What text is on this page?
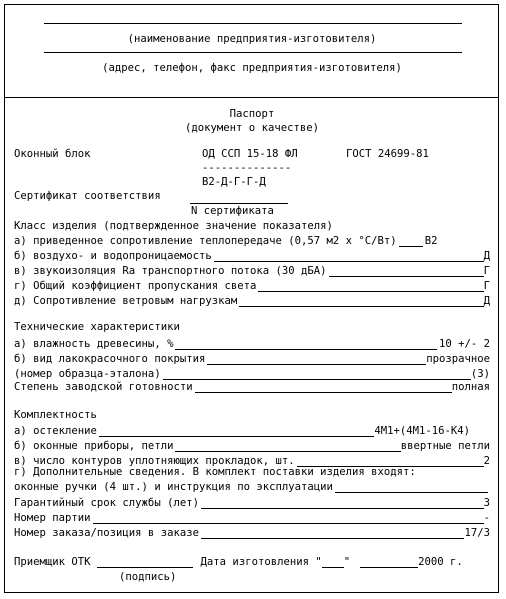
(наименование предприятия-изготовителя)
(адрес, телефон, факс предприятия-изготовителя)
Паспорт
(документ о качестве)
Оконный блок	ОД ССП 15-18 ФЛ	ГОСТ 24699-81
--------------
В2-Д-Г-Г-Д
Сертификат соответствия
N сертификата
Класс изделия (подтвержденное значение показателя)
а) приведенное сопротивление теплопередаче (0,57 м2 х °С/Вт)	В2
б) воздухо- и водопроницаемость	Д
в) звукоизоляция Ra транспортного потока (30 дБА)	Г
г) Общий коэффициент пропускания света	Г
д) Сопротивление ветровым нагрузкам	Д
Технические характеристики
а) влажность древесины, %	10 +/- 2
б) вид лакокрасочного покрытия	прозрачное
(номер образца-эталона)	(3)
Степень заводской готовности	полная
Комплектность
а) остекление	4М1+(4М1-16-К4)
б) оконные приборы, петли	ввертные петли
в) число контуров уплотняющих прокладок, шт.	2
г) Дополнительные сведения. В комплект поставки изделия входят:
оконные ручки (4 шт.) и инструкция по эксплуатации
Гарантийный срок службы (лет)	3
Номер партии	-
Номер заказа/позиция в заказе	17/3
Приемщик ОТК	Дата изготовления " "	2000 г.
(подпись)
